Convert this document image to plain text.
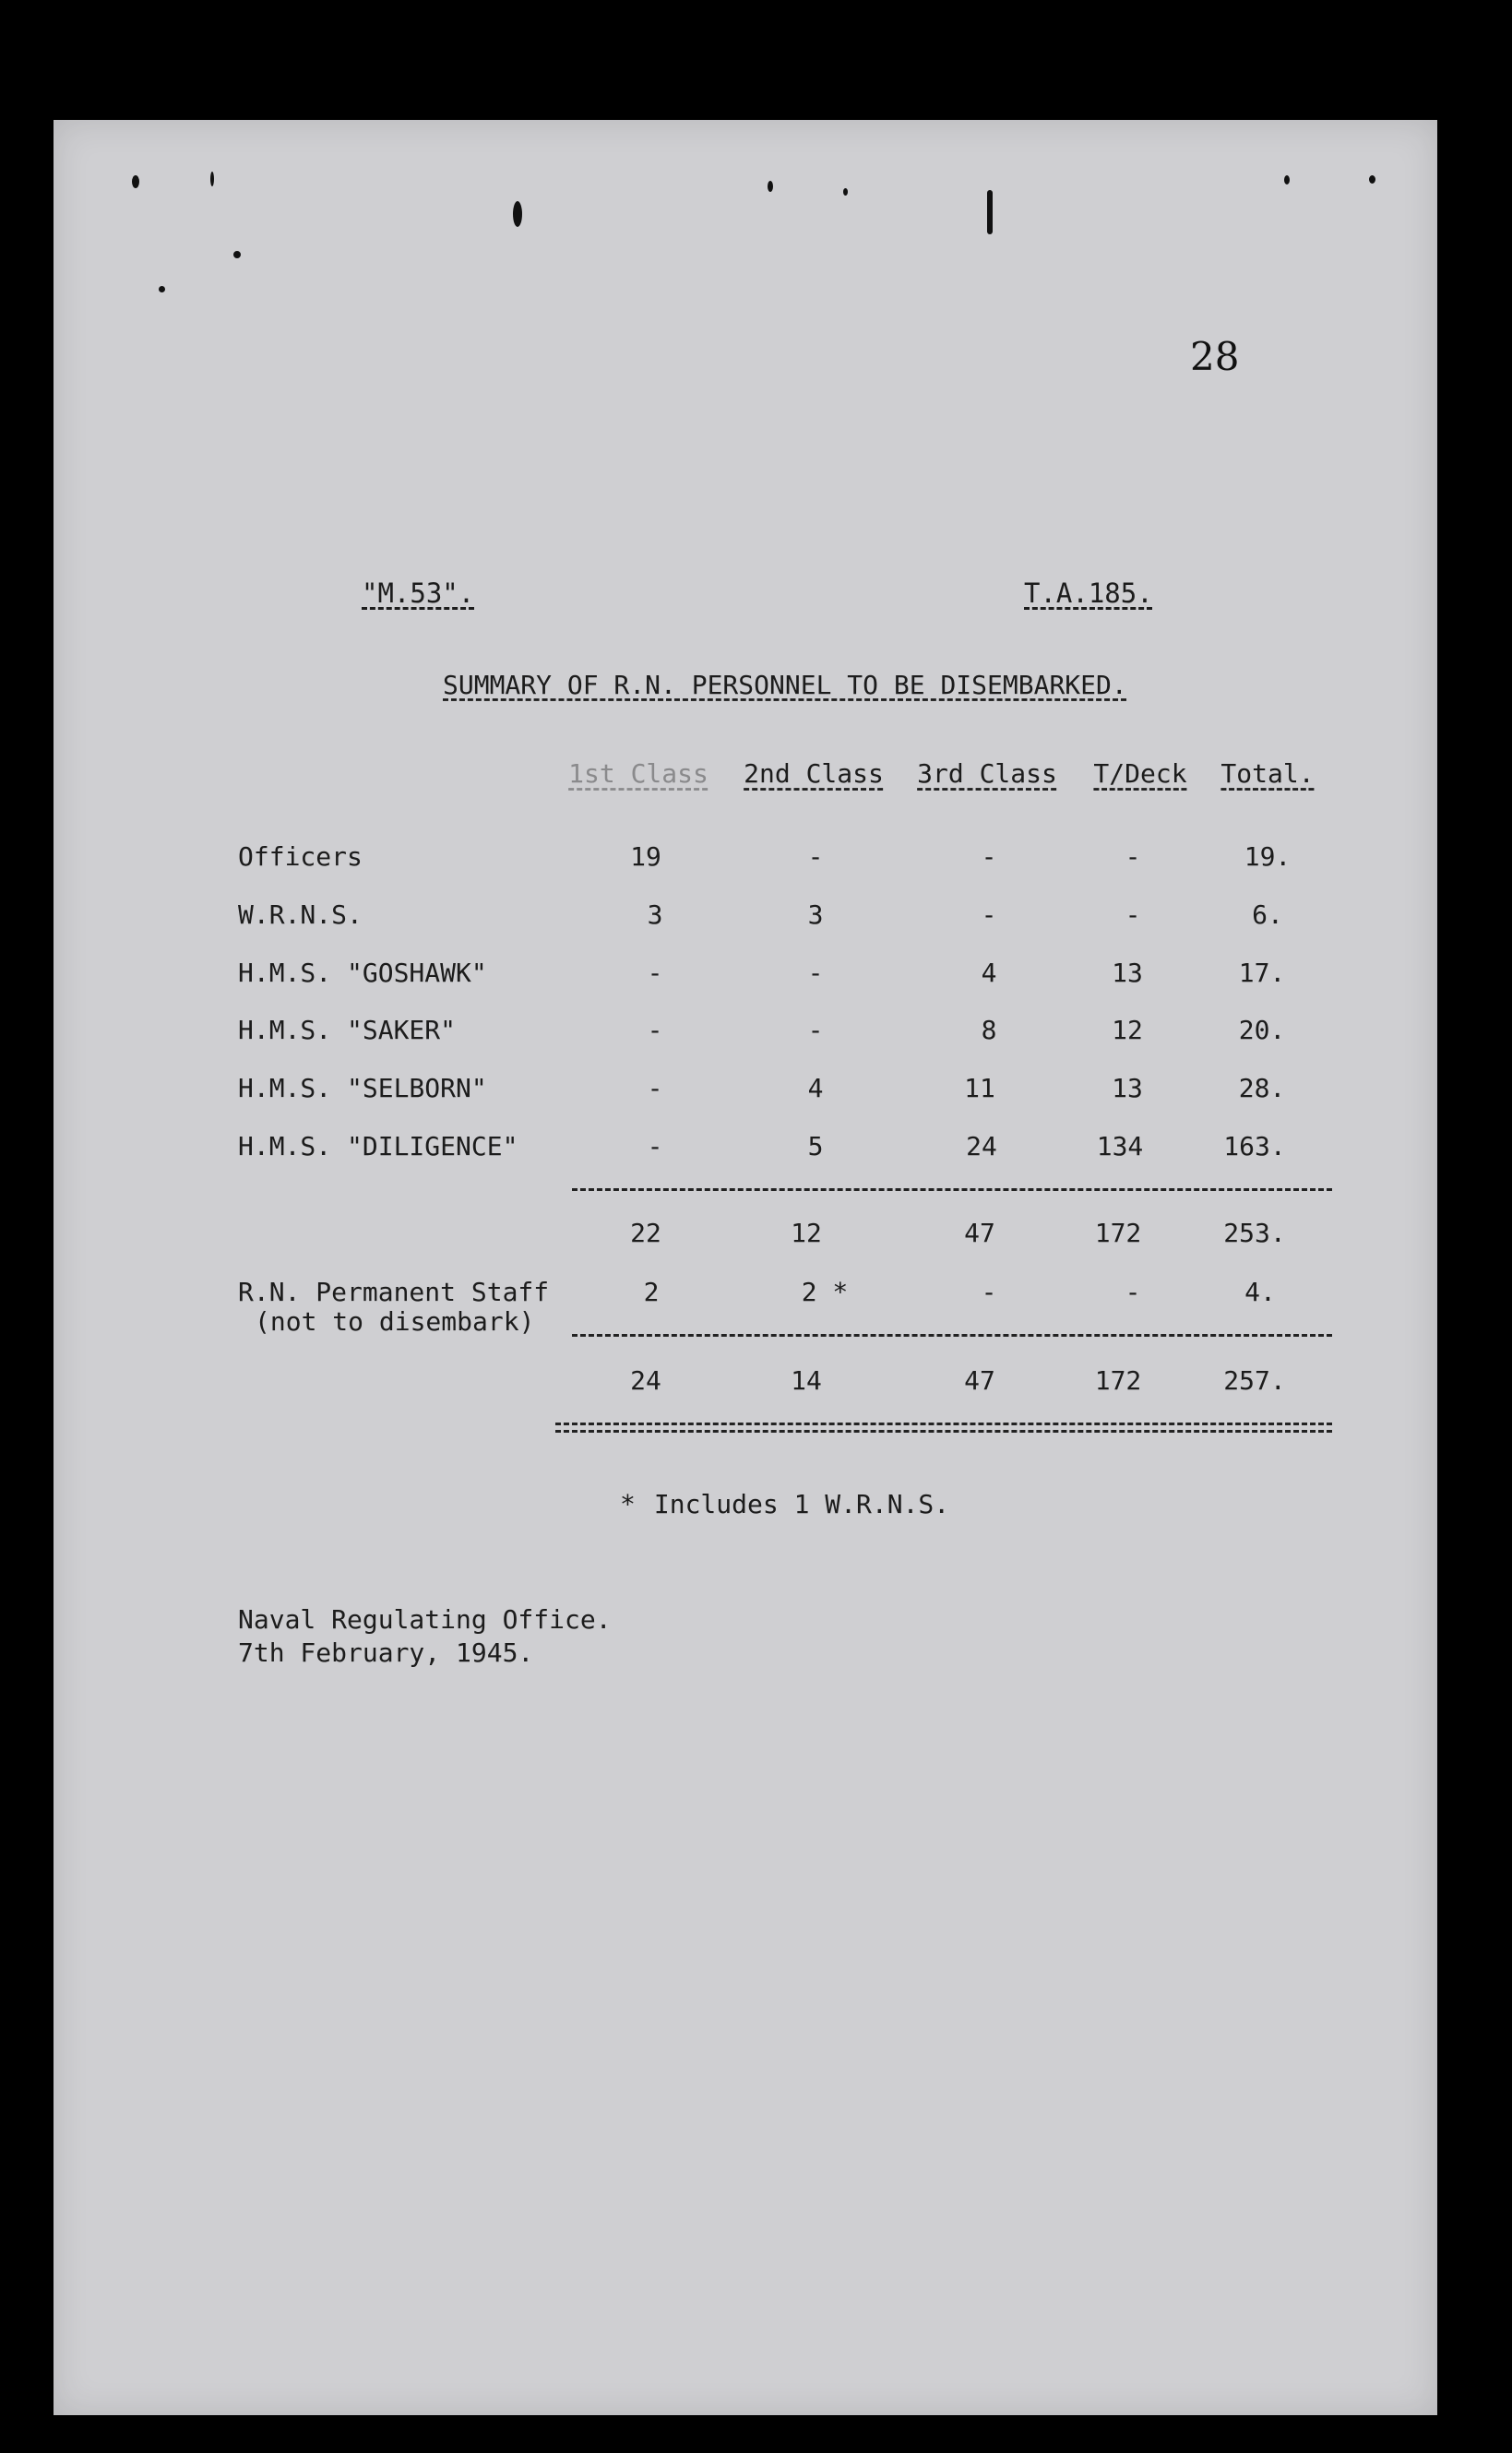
28
"M.53".	T.A.185.
SUMMARY OF R.N. PERSONNEL TO BE DISEMBARKED.
1st Class 2nd Class 3rd Class T/Deck Total.
Officers	19	-	-	-	19.
W.R.N.S.	3	3	-	-	6.
H.M.S. "GOSHAWK"	-	-	4	13	17.
H.M.S. "SAKER"	-	-	8	12	20.
H.M.S. "SELBORN"	-	4	11	13	28.
H.M.S. "DILIGENCE"	-	5	24	134	163.
22	12	47	172	253.
R.N. Permanent Staff
(not to disembark)
2	2 *	-	-	4.
24	14	47	172	257.
* Includes 1 W.R.N.S.
Naval Regulating Office.
7th February, 1945.
